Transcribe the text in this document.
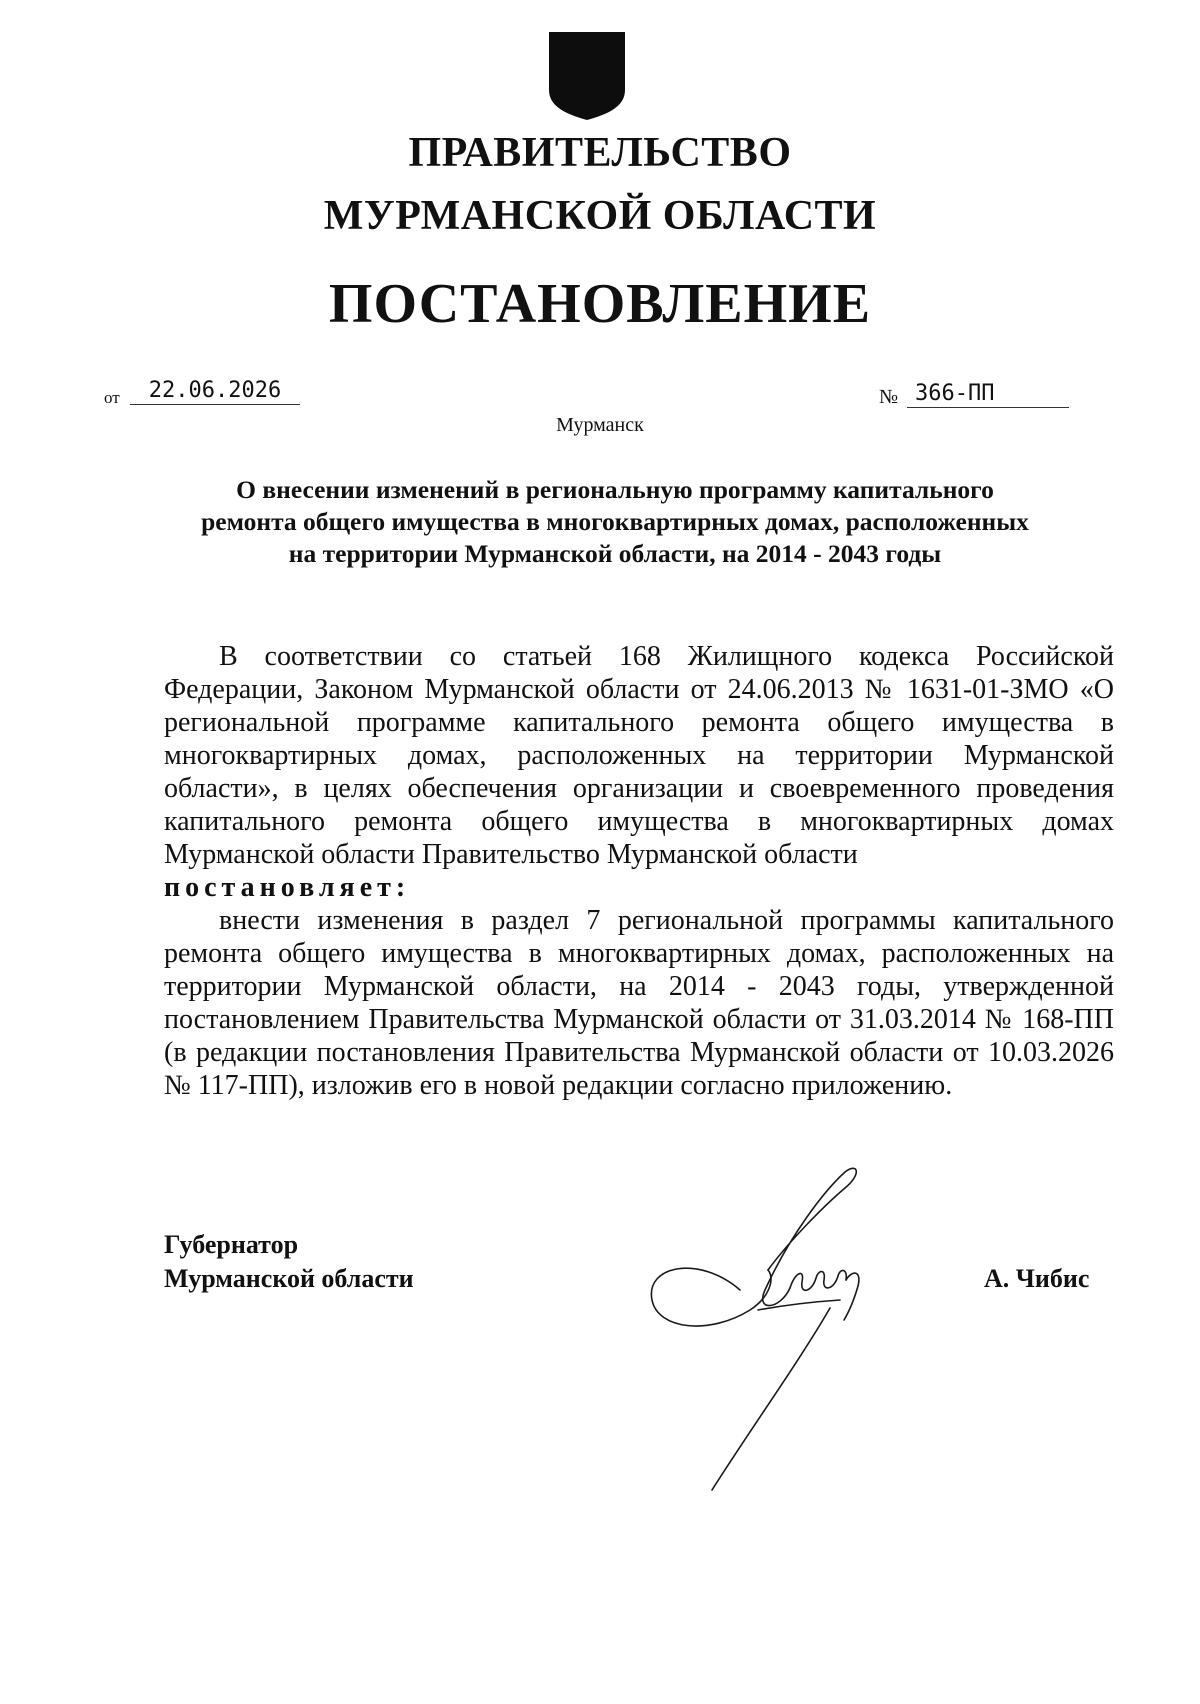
ПРАВИТЕЛЬСТВО
МУРМАНСКОЙ ОБЛАСТИ
ПОСТАНОВЛЕНИЕ
от	22.06.2026	№ 366-ПП
Мурманск
О внесении изменений в региональную программу капитального
ремонта общего имущества в многоквартирных домах, расположенных
на территории Мурманской области, на 2014 - 2043 годы

В соответствии со статьей 168 Жилищного кодекса Российской Федерации, Законом Мурманской области от 24.06.2013 № 1631-01-ЗМО «О региональной программе капитального ремонта общего имущества в многоквартирных домах, расположенных на территории Мурманской области», в целях обеспечения организации и своевременного проведения капитального ремонта общего имущества в многоквартирных домах Мурманской области Правительство Мурманской области
постановляет:

внести изменения в раздел 7 региональной программы капитального ремонта общего имущества в многоквартирных домах, расположенных на территории Мурманской области, на 2014 - 2043 годы, утвержденной постановлением Правительства Мурманской области от 31.03.2014 № 168-ПП (в редакции постановления Правительства Мурманской области от 10.03.2026 № 117-ПП), изложив его в новой редакции согласно приложению.

Губернатор
Мурманской области	А. Чибис
